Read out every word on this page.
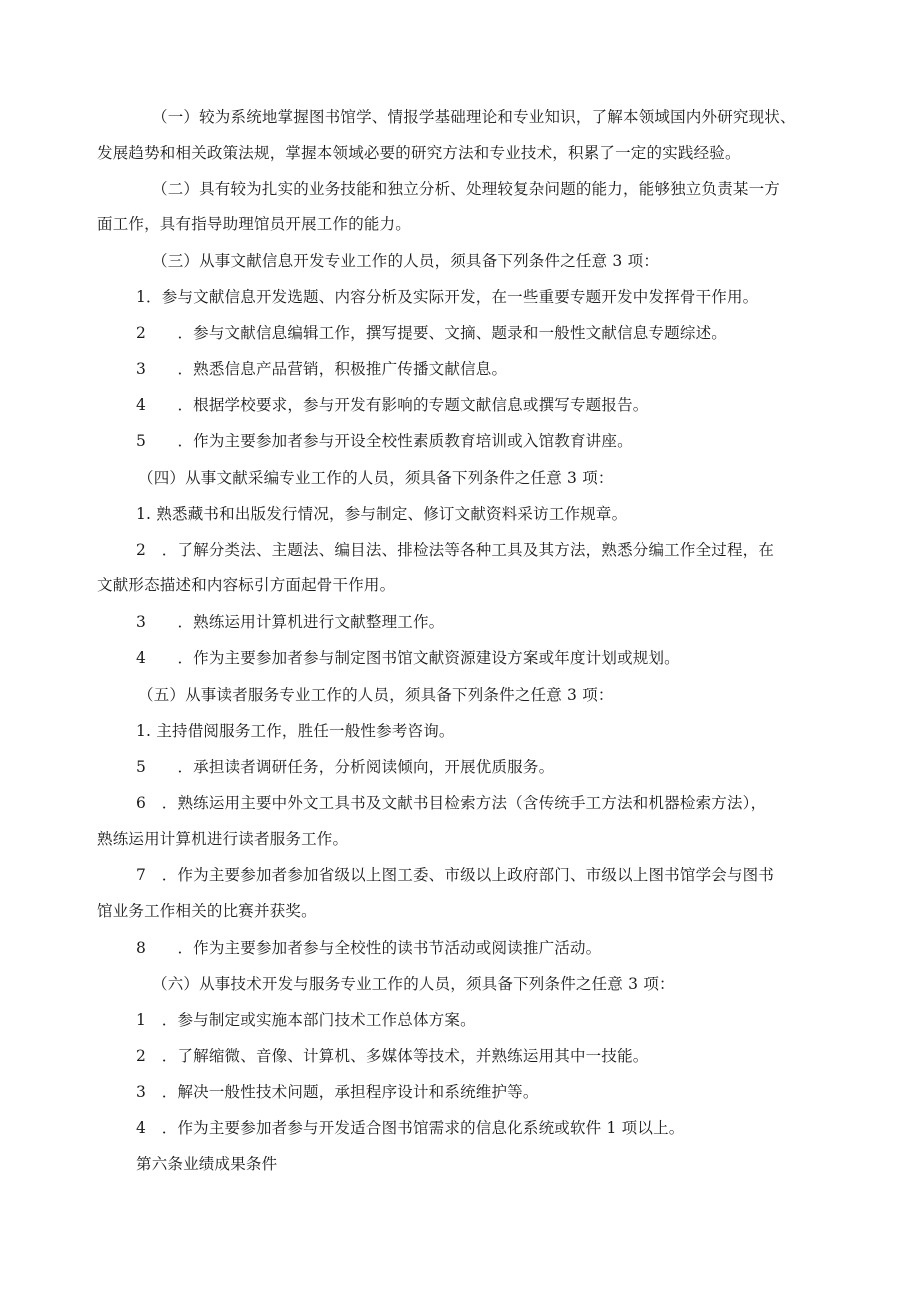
（一）较为系统地掌握图书馆学、情报学基础理论和专业知识，了解本领域国内外研究现状、
发展趋势和相关政策法规，掌握本领域必要的研究方法和专业技术，积累了一定的实践经验。
（二）具有较为扎实的业务技能和独立分析、处理较复杂问题的能力，能够独立负责某一方
面工作，具有指导助理馆员开展工作的能力。
（三）从事文献信息开发专业工作的人员，须具备下列条件之任意 3 项：
1．参与文献信息开发选题、内容分析及实际开发，在一些重要专题开发中发挥骨干作用。
2　　．参与文献信息编辑工作，撰写提要、文摘、题录和一般性文献信息专题综述。
3　　．熟悉信息产品营销，积极推广传播文献信息。
4　　．根据学校要求，参与开发有影响的专题文献信息或撰写专题报告。
5　　．作为主要参加者参与开设全校性素质教育培训或入馆教育讲座。
（四）从事文献采编专业工作的人员，须具备下列条件之任意 3 项：
1. 熟悉藏书和出版发行情况，参与制定、修订文献资料采访工作规章。
2　．了解分类法、主题法、编目法、排检法等各种工具及其方法，熟悉分编工作全过程，在
文献形态描述和内容标引方面起骨干作用。
3　　．熟练运用计算机进行文献整理工作。
4　　．作为主要参加者参与制定图书馆文献资源建设方案或年度计划或规划。
（五）从事读者服务专业工作的人员，须具备下列条件之任意 3 项：
1. 主持借阅服务工作，胜任一般性参考咨询。
5　　．承担读者调研任务，分析阅读倾向，开展优质服务。
6　．熟练运用主要中外文工具书及文献书目检索方法（含传统手工方法和机器检索方法），
熟练运用计算机进行读者服务工作。
7　．作为主要参加者参加省级以上图工委、市级以上政府部门、市级以上图书馆学会与图书
馆业务工作相关的比赛并获奖。
8　　．作为主要参加者参与全校性的读书节活动或阅读推广活动。
（六）从事技术开发与服务专业工作的人员，须具备下列条件之任意 3 项：
1　．参与制定或实施本部门技术工作总体方案。
2　．了解缩微、音像、计算机、多媒体等技术，并熟练运用其中一技能。
3　．解决一般性技术问题，承担程序设计和系统维护等。
4　．作为主要参加者参与开发适合图书馆需求的信息化系统或软件 1 项以上。
第六条业绩成果条件
